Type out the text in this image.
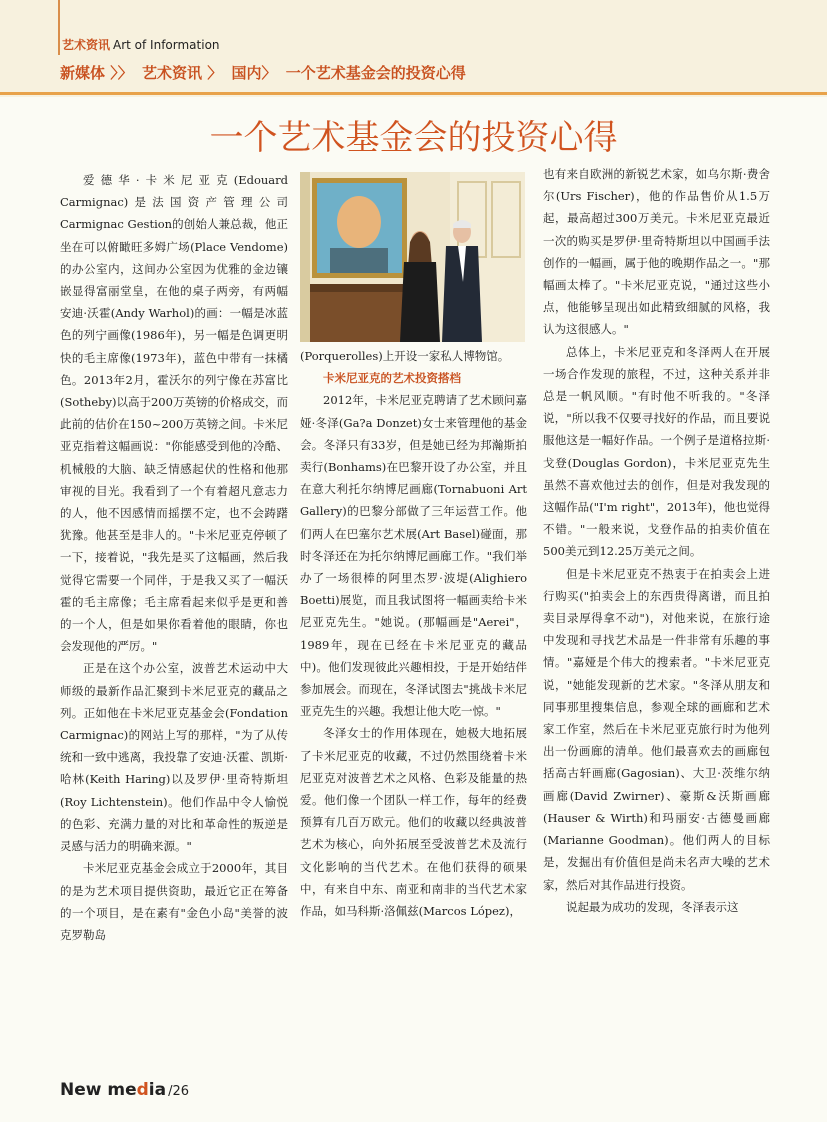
艺术资讯 Art of Information
新媒体 〉〉 艺术资讯 〉 国内〉 一个艺术基金会的投资心得
一个艺术基金会的投资心得

爱德华·卡米尼亚克(Edouard Carmignac)是法国资产管理公司Carmignac Gestion的创始人兼总裁，他正坐在可以俯瞰旺多姆广场(Place Vendome)的办公室内，这间办公室因为优雅的金边镶嵌显得富丽堂皇，在他的桌子两旁，有两幅安迪·沃霍(Andy Warhol)的画：一幅是冰蓝色的列宁画像(1986年)，另一幅是色调更明快的毛主席像(1973年)，蓝色中带有一抹橘色。2013年2月，霍沃尔的列宁像在苏富比(Sotheby)以高于200万英镑的价格成交，而此前的估价在150~200万英镑之间。卡米尼亚克指着这幅画说："你能感受到他的冷酷、机械般的大脑、缺乏情感起伏的性格和他那审视的目光。我看到了一个有着超凡意志力的人，他不因感情而摇摆不定，也不会踌躇犹豫。他甚至是非人的。"卡米尼亚克停顿了一下，接着说，"我先是买了这幅画，然后我觉得它需要一个同伴，于是我又买了一幅沃霍的毛主席像；毛主席看起来似乎是更和善的一个人，但是如果你看着他的眼睛，你也会发现他的严厉。"

正是在这个办公室，波普艺术运动中大师级的最新作品汇聚到卡米尼亚克的藏品之列。正如他在卡米尼亚克基金会(Fondation Carmignac)的网站上写的那样，"为了从传统和一致中逃离，我投靠了安迪·沃霍、凯斯·哈林(Keith Haring)以及罗伊·里奇特斯坦(Roy Lichtenstein)。他们作品中令人愉悦的色彩、充满力量的对比和革命性的叛逆是灵感与活力的明确来源。"

卡米尼亚克基金会成立于2000年，其目的是为艺术项目提供资助，最近它正在筹备的一个项目，是在素有"金色小岛"美誉的波克罗勒岛

(Porquerolles)上开设一家私人博物馆。

卡米尼亚克的艺术投资搭档

2012年，卡米尼亚克聘请了艺术顾问嘉娅·冬泽(Ga?a Donzet)女士来管理他的基金会。冬泽只有33岁，但是她已经为邦瀚斯拍卖行(Bonhams)在巴黎开设了办公室，并且在意大利托尔纳博尼画廊(Tornabuoni Art Gallery)的巴黎分部做了三年运营工作。他们两人在巴塞尔艺术展(Art Basel)碰面，那时冬泽还在为托尔纳博尼画廊工作。"我们举办了一场很棒的阿里杰罗·波堤(Alighiero Boetti)展览，而且我试图将一幅画卖给卡米尼亚克先生。"她说。(那幅画是"Aerei"，1989年，现在已经在卡米尼亚克的藏品中)。他们发现彼此兴趣相投，于是开始结伴参加展会。而现在，冬泽试图去"挑战卡米尼亚克先生的兴趣。我想让他大吃一惊。"

冬泽女士的作用体现在，她极大地拓展了卡米尼亚克的收藏，不过仍然围绕着卡米尼亚克对波普艺术之风格、色彩及能量的热爱。他们像一个团队一样工作，每年的经费预算有几百万欧元。他们的收藏以经典波普艺术为核心，向外拓展至受波普艺术及流行文化影响的当代艺术。在他们获得的硕果中，有来自中东、南亚和南非的当代艺术家作品，如马科斯·洛佩兹(Marcos López)，

也有来自欧洲的新锐艺术家，如乌尔斯·费舍尔(Urs Fischer)，他的作品售价从1.5万起，最高超过300万美元。卡米尼亚克最近一次的购买是罗伊·里奇特斯坦以中国画手法创作的一幅画，属于他的晚期作品之一。"那幅画太棒了。"卡米尼亚克说，"通过这些小点，他能够呈现出如此精致细腻的风格，我认为这很感人。"

总体上，卡米尼亚克和冬泽两人在开展一场合作发现的旅程，不过，这种关系并非总是一帆风顺。"有时他不听我的。"冬泽说，"所以我不仅要寻找好的作品，而且要说服他这是一幅好作品。一个例子是道格拉斯·戈登(Douglas Gordon)，卡米尼亚克先生虽然不喜欢他过去的创作，但是对我发现的这幅作品("I'm right"，2013年)，他也觉得不错。"一般来说，戈登作品的拍卖价值在500美元到12.25万美元之间。

但是卡米尼亚克不热衷于在拍卖会上进行购买("拍卖会上的东西贵得离谱，而且拍卖目录厚得拿不动")，对他来说，在旅行途中发现和寻找艺术品是一件非常有乐趣的事情。"嘉娅是个伟大的搜索者。"卡米尼亚克说，"她能发现新的艺术家。"冬泽从朋友和同事那里搜集信息，参观全球的画廊和艺术家工作室，然后在卡米尼亚克旅行时为他列出一份画廊的清单。他们最喜欢去的画廊包括高古轩画廊(Gagosian)、大卫·茨维尔纳画廊(David Zwirner)、豪斯&沃斯画廊(Hauser & Wirth)和玛丽安·古德曼画廊(Marianne Goodman)。他们两人的目标是，发掘出有价值但是尚未名声大噪的艺术家，然后对其作品进行投资。

说起最为成功的发现，冬泽表示这

New media /26
